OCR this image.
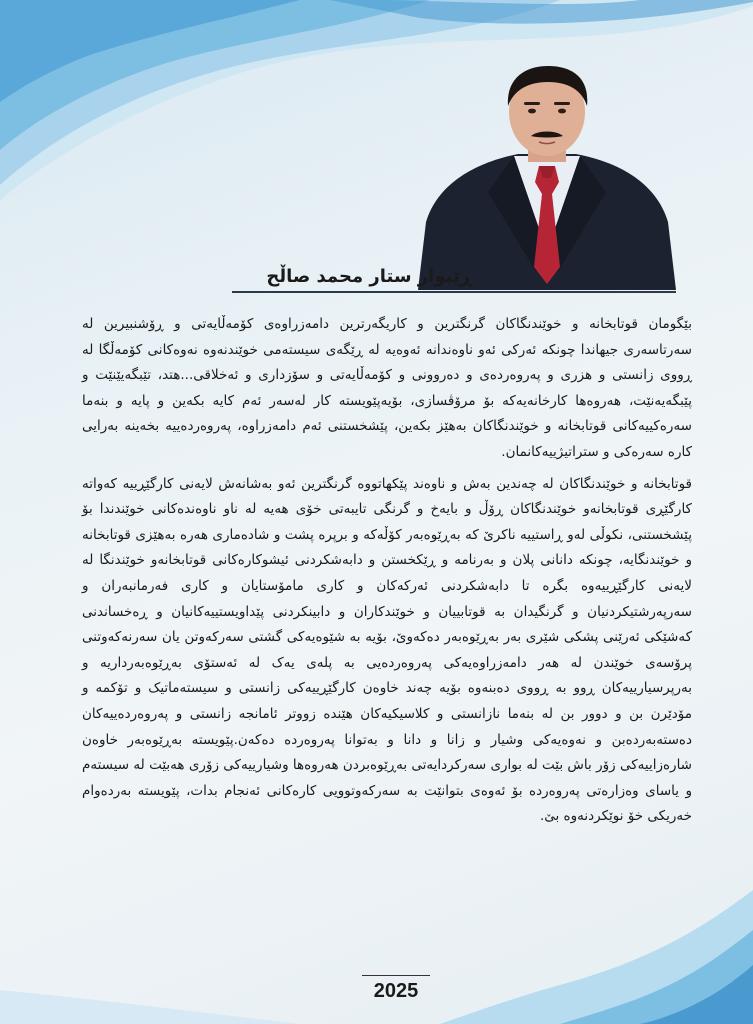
ڕێبوار ستار محمد صاڵح

بێگومان قوتابخانە و خوێندنگاکان گرنگترین و کاریگەرترین دامەزراوەی کۆمەڵایەتی و ڕۆشنبیرین لە سەرتاسەری جیهاندا چونکە ئەرکی ئەو ناوەندانە ئەوەیە لە ڕێگەی سیستەمی خوێندنەوە نەوەکانی کۆمەڵگا لە ڕووی زانستی و هزری و پەروەردەی و دەروونی و کۆمەڵایەتی و سۆزداری و ئەخلاقی...هتد، تێبگەیێنێت و پێبگەیەنێت، هەروەها کارخانەیەکە بۆ مرۆڤسازی، بۆیەپێویستە کار لەسەر ئەم کایە بکەین و پایە و بنەما سەرەکییەکانی قوتابخانە و خوێندنگاکان بەهێز بکەین، پێشخستنی ئەم دامەزراوە، پەروەردەییە بخەینە بەرایی کارە سەرەکی و ستراتیژییەکانمان.

قوتابخانە و خوێندنگاکان لە چەندین بەش و ناوەند پێکهاتووە گرنگترین ئەو بەشانەش لایەنی کارگێڕییە کەواتە کارگێڕی قوتابخانەو خوێندنگاکان ڕۆڵ و بایەخ و گرنگی تایبەتی خۆی هەیە لە ناو ناوەندەکانی خوێندندا بۆ پێشخستنی، نکوڵی لەو ڕاستییە ناکرێ کە بەڕێوەبەر کۆڵەکە و برپرە پشت و شادەماری هەرە بەهێزی قوتابخانە و خوێندنگایە، چونکە دانانی پلان و بەرنامە و ڕێکخستن و دابەشکردنی ئیشوکارەکانی قوتابخانەو خوێندنگا لە لایەنی کارگێڕییەوە بگرە تا دابەشکردنی ئەرکەکان و کاری مامۆستایان و کاری فەرمانبەران و سەرپەرشتیکردنیان و گرنگیدان بە قوتابییان و خوێندکاران و دابینکردنی پێداویستییەکانیان و ڕەخساندنی کەشێکی ئەرێنی پشکی شێری بەر بەڕێوەبەر دەکەوێ، بۆیە بە شێوەیەکی گشتی سەرکەوتن یان سەرنەکەوتنی پرۆسەی خوێندن لە هەر دامەزراوەیەکی پەروەردەیی بە پلەی یەک لە ئەستۆی بەڕێوەبەرداریە و بەرپرسیارییەکان ڕوو بە ڕووی دەبنەوە بۆیە چەند خاوەن کارگێڕییەکی زانستی و سیستەماتیک و تۆکمە و مۆدێرن بن و دوور بن لە بنەما نازانستی و کلاسیکیەکان هێندە زووتر ئامانجە زانستی و پەروەردەییەکان دەستەبەردەبن و نەوەیەکی وشیار و زانا و دانا و بەتوانا پەروەردە دەکەن.پێویستە بەڕێوەبەر خاوەن شارەزاییەکی زۆر باش بێت لە بواری سەرکردایەتی بەڕێوەبردن هەروەها وشیارییەکی زۆری هەبێت لە سیستەم و یاسای وەزارەتی پەروەردە بۆ ئەوەی بتوانێت بە سەرکەوتوویی کارەکانی ئەنجام بدات، پێویستە بەردەوام خەریکی خۆ نوێکردنەوە بێ.

2025
